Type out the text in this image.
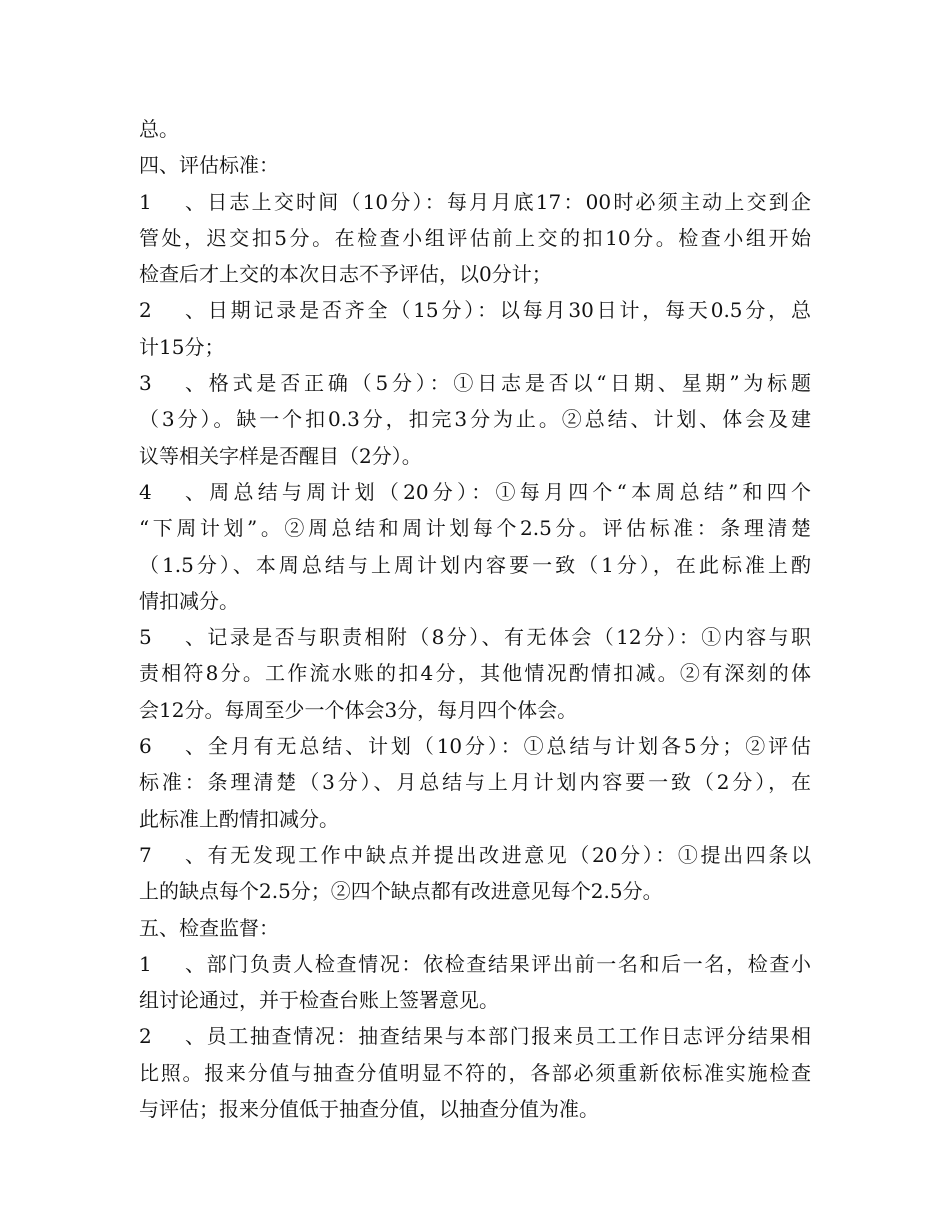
总。
四、评估标准：
1、日志上交时间（10分）：每月月底17：00时必须主动上交到企
管处，迟交扣5分。在检查小组评估前上交的扣10分。检查小组开始
检查后才上交的本次日志不予评估，以0分计；
2、日期记录是否齐全（15分）：以每月30日计，每天0.5分，总
计15分；
3、格式是否正确（5分）：①日志是否以“日期、星期”为标题
（3分）。缺一个扣0.3分，扣完3分为止。②总结、计划、体会及建
议等相关字样是否醒目（2分）。
4、周总结与周计划（20分）：①每月四个“本周总结”和四个
“下周计划”。②周总结和周计划每个2.5分。评估标准：条理清楚
（1.5分）、本周总结与上周计划内容要一致（1分），在此标准上酌
情扣减分。
5、记录是否与职责相附（8分）、有无体会（12分）：①内容与职
责相符8分。工作流水账的扣4分，其他情况酌情扣减。②有深刻的体
会12分。每周至少一个体会3分，每月四个体会。
6、全月有无总结、计划（10分）：①总结与计划各5分；②评估
标准：条理清楚（3分）、月总结与上月计划内容要一致（2分），在
此标准上酌情扣减分。
7、有无发现工作中缺点并提出改进意见（20分）：①提出四条以
上的缺点每个2.5分；②四个缺点都有改进意见每个2.5分。
五、检查监督：
1、部门负责人检查情况：依检查结果评出前一名和后一名，检查小
组讨论通过，并于检查台账上签署意见。
2、员工抽查情况：抽查结果与本部门报来员工工作日志评分结果相
比照。报来分值与抽查分值明显不符的，各部必须重新依标准实施检查
与评估；报来分值低于抽查分值，以抽查分值为准。
